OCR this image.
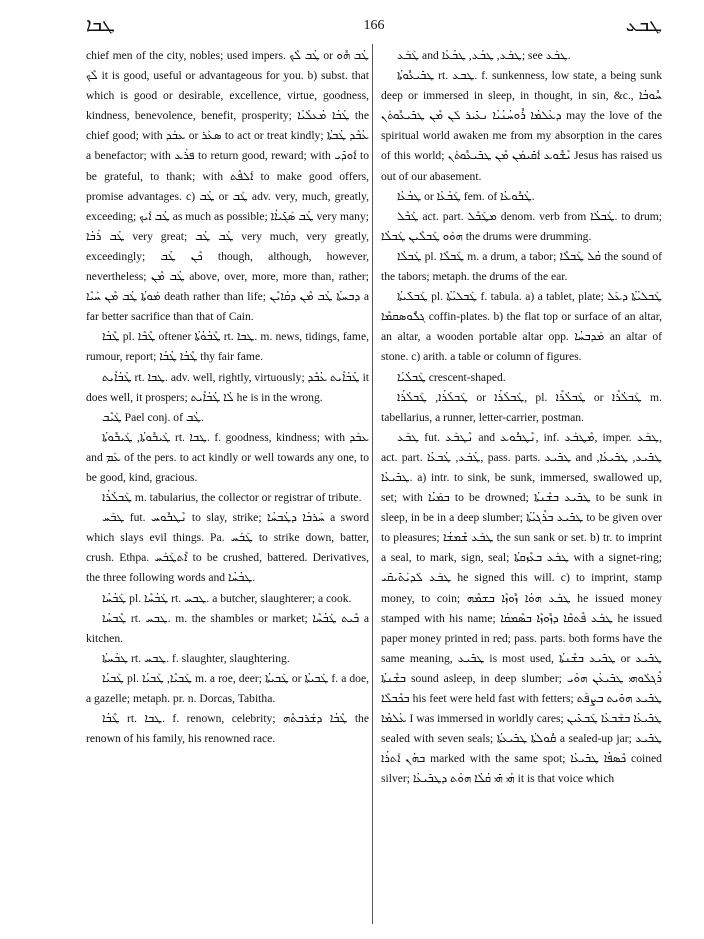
ܛܒܐ	166	ܛܒܥ

chief men of the city, nobles; used impers. ܛܳܒ ܠܶܟ or ܛܳܒ ܗܽܘ ܠܶܟ it is good, useful or advantageous for you. b) subst. that which is good or desirable, excellence, virtue, goodness, kindness, benevolence, benefit, prosperity; ܛܳܒܳܐ ܡܳܥܠܳܝܳܐ the chief good; with ܥܒܰܕ or ܣܥܰܪ to act or treat kindly; ܥܳܒܶܕ ܛܳܒܬܳܐ a benefactor; with ܦܪܰܥ to return good, reward; with ܐܰܘܕܺܝ to be grateful, to thank; with ܐܰܠܦܶܬ to make good offers, promise advantages. c) ܛܳܒ or ܛܰܒ adv. very, much, greatly, exceeding; ܛܳܒ ܐܰܝܟ as much as possible; ܛܳܒ ܣܰܓܺܝܐܳܐ very many; ܛܳܒ ܪܰܒܳܐ very great; ܛܳܒ ܛܳܒ very much, very greatly, exceedingly; ܟܶܢ ܛܳܒ though, although, however, nevertheless; ܛܳܒ ܡܶܢ above, over, more, more than, rather; ܡܰܘܬܳܐ ܛܳܒ ܡܶܢ ܚܰܝܶܐ death rather than life; ܕܒܚܬܳܐ ܛܳܒ ܡܶܢ ܕܩܳܐܝܶܢ a far better sacrifice than that of Cain.

ܛܶܒܳܐ pl. ܛܶܒܶܐ oftener ܛܶܒܳܘܳܬܳܐ rt. ܛܒܐ. m. news, tidings, fame, rumour, report; ܛܶܒܳܐ ܛܳܒܳܐ thy fair fame.

ܛܳܒܳܐܺܝܬ rt. ܛܒܐ. adv. well, rightly, virtuously; ܛܳܒܳܐܺܝܬ ܥܳܒܶܕ it does well, it prospers; ܠܳܐ ܛܳܒܳܐܺܝܬ he is in the wrong.

ܛܰܝܶܒ Pael conj. of ܛܳܒ.

ܛܰܝܒܽܘܬܳܐ, ܛܰܝܒܽܘܬܳܐ rt. ܛܒܐ. f. goodness, kindness; with ܥܒܰܕ and ܥܰܡ of the pers. to act kindly or well towards any one, to be good, kind, gracious.

ܛܰܒܠܳܪܳܐ m. tabularius, the collector or registrar of tribute.

ܛܒܰܚ fut. ܢܶܛܒܽܘܚ to slay, strike; ܚܰܪܒܳܐ ܕܛܳܒܚܳܐ a sword which slays evil things. Pa. ܛܰܒܰܚ to strike down, batter, crush. Ethpa. ܐܶܬܛܰܒܰܚ to be crushed, battered. Derivatives, the three following words and ܛܒܳܚܳܐ.

ܛܰܒܳܚܳܐ pl. ܛܰܒܳܚܶܐ rt. ܛܒܚ. a butcher, slaughterer; a cook.

ܛܶܒܚܳܐ rt. ܛܒܚ. m. the shambles or market; ܒܶܝܬ ܛܰܒܳܚܶܐ a kitchen.

ܛܒܳܚܬܳܐ rt. ܛܒܚ. f. slaughter, slaughtering.

ܛܰܒܝܳܐ pl. ܛܰܒܝܶܐ, ܛܰܒܝܳܐ m. a roe, deer; ܛܰܒܝܬܳܐ or ܛܰܒܝܬܳܐ f. a doe, a gazelle; metaph. pr. n. Dorcas, Tabitha.

ܛܶܒܳܐ rt. ܛܒܐ. f. renown, celebrity; ܛܶܒܳܐ ܕܫܰܪܒܬܶܗ the renown of his family, his renowned race.

ܛܰܒܰܥ and ܛܒܰܥ, ܛܒܳܥ, ܛܒܳܥܳܐ; see ܛܒܰܥ.

ܛܒܺܝܥܽܘܬܳܐ rt. ܛܒܥ. f. sunkenness, low state, a being sunk deep or immersed in sleep, in thought, in sin, &c., ܚܽܘܒܳܐ ܕܥܳܠܡܳܐ ܪܽܘܚܳܢܳܝܳܐ ܢܥܺܝܪ ܠܰܢ ܡܶܢ ܛܒܺܝܥܽܘܬܰܢ may the love of the spiritual world awaken me from my absorption in the cares of this world; ܝܶܫܽܘܥ ܐܰܩܺܝܡܰܢ ܡܶܢ ܛܒܺܝܥܽܘܬܰܢ Jesus has raised us out of our abasement.

ܛܒܳܥܳܐ or ܛܰܒܳܥܳܐ fem. of ܛܳܒܽܘܥܳܐ.

ܛܰܒܶܠ act. part. ܡܛܰܒܶܠ denom. verb from ܛܰܒܠܳܐ. to drum; ܗܘܰܘ ܛܰܒܠܶܝܢ ܛܰܒܠܳܐ the drums were drumming.

ܛܰܒܠܳܐ pl. ܛܰܒܠܶܐ m. a drum, a tabor; ܩܳܠ ܛܰܒܠܶܐ the sound of the tabors; metaph. the drums of the ear.

ܛܰܒܠܺܝܬܳܐ pl. ܛܰܒܠܝܳܬܳܐ f. tabula. a) a tablet, plate; ܛܰܒܠܝܳܬܳܐ ܕܥܰܠ ܓܠܽܘܣܩܡܶܐ coffin-plates. b) the flat top or surface of an altar, an altar, a wooden portable altar opp. ܡܰܕܒܚܳܐ an altar of stone. c) arith. a table or column of figures.

ܛܰܒܠܳܝܳܐ crescent-shaped.

ܛܰܒܠܳܪܳܐ, ܛܰܒܠܳܪܳܐ or ܛܰܒܠܳܪܳܐ, pl. ܛܰܒܠܳܪܶܐ or ܛܰܒܠܳܪܶܐ m. tabellarius, a runner, letter-carrier, postman.

ܛܒܰܥ fut. ܢܶܛܒܰܥ and ܢܶܛܒܽܘܥ, inf. ܡܶܛܒܰܥ, imper. ܛܒܰܥ, act. part. ܛܳܒܰܥ, ܛܳܒܥܳܐ, pass. parts. ܛܒܺܝܥ and ܛܒܺܝܥ, ܛܒܺܝܥܳܐ, ܛܒܺܝܥܳܐ. a) intr. to sink, be sunk, immersed, swallowed up, set; with ܒܡܰܝܳܐ to be drowned; ܛܒܺܝܥ ܒܫܶܢܬܳܐ to be sunk in sleep, in be in a deep slumber; ܛܒܺܝܥ ܒܪܶܓܝܳܬܳܐ to be given over to pleasures; ܛܒܰܥ ܫܶܡܫܳܐ the sun sank or set. b) tr. to imprint a seal, to mark, sign, seal; ܛܒܰܥ ܒܥܶܙܩܬܳܐ with a signet-ring; ܛܒܰܥ ܠܰܕܝܰܬܺܝܩܺܝ he signed this will. c) to imprint, stamp money, to coin; ܛܒܰܥ ܗܘܳܐ ܙܽܘܙܶܐ ܒܫܡܶܗ he issued money stamped with his name; ܛܒܰܥ ܦܶܬܩܶܐ ܕܙܽܘܙܶܐ ܒܣܶܡܩܳܐ he issued paper money printed in red; pass. parts. both forms have the same meaning, ܛܒܺܝܥ is most used, ܛܒܺܝܥ ܒܫܶܢܬܳܐ or ܛܒܺܝܥ ܒܫܶܢܬܳܐ sound asleep, in deep slumber; ܪܶܓܠܰܘܗܝ ܛܒܺܝܥܳܢ ܗܘܳܝ ܒܟܶܒܠܶܐ his feet were held fast with fetters; ܛܒܺܝܥ ܗܘܺܝܬ ܒܨܦܰܬ ܥܳܠܡܳܐ I was immersed in worldly cares; ܛܒܺܝܥܳܐ ܒܫܰܒܥܳܐ ܛܰܒܥܺܝܢ sealed with seven seals; ܩܽܘܠܬܳܐ ܛܒܺܝܥܬܳܐ a sealed-up jar; ܛܒܺܝܥ ܒܗܳܢ ܐܰܬܪܳܐ marked with the same spot; ܟܶܣܦܳܐ ܛܒܺܝܥܳܐ coined silver; ܗܳܝ ܗܺܝ ܩܳܠܳܐ ܗܘܳܬ ܕܛܒܺܝܥܳܐ it is that voice which
